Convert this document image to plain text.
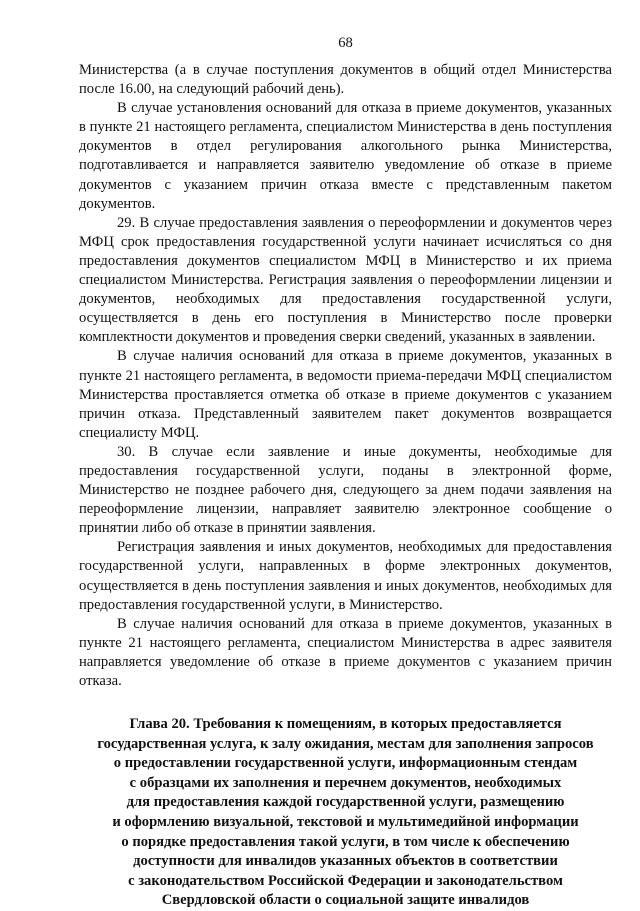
68

Министерства (а в случае поступления документов в общий отдел Министерства после 16.00, на следующий рабочий день).

В случае установления оснований для отказа в приеме документов, указанных в пункте 21 настоящего регламента, специалистом Министерства в день поступления документов в отдел регулирования алкогольного рынка Министерства, подготавливается и направляется заявителю уведомление об отказе в приеме документов с указанием причин отказа вместе с представленным пакетом документов.

29. В случае предоставления заявления о переоформлении и документов через МФЦ срок предоставления государственной услуги начинает исчисляться со дня предоставления документов специалистом МФЦ в Министерство и их приема специалистом Министерства. Регистрация заявления о переоформлении лицензии и документов, необходимых для предоставления государственной услуги, осуществляется в день его поступления в Министерство после проверки комплектности документов и проведения сверки сведений, указанных в заявлении.

В случае наличия оснований для отказа в приеме документов, указанных в пункте 21 настоящего регламента, в ведомости приема-передачи МФЦ специалистом Министерства проставляется отметка об отказе в приеме документов с указанием причин отказа. Представленный заявителем пакет документов возвращается специалисту МФЦ.

30. В случае если заявление и иные документы, необходимые для предоставления государственной услуги, поданы в электронной форме, Министерство не позднее рабочего дня, следующего за днем подачи заявления на переоформление лицензии, направляет заявителю электронное сообщение о принятии либо об отказе в принятии заявления.

Регистрация заявления и иных документов, необходимых для предоставления государственной услуги, направленных в форме электронных документов, осуществляется в день поступления заявления и иных документов, необходимых для предоставления государственной услуги, в Министерство.

В случае наличия оснований для отказа в приеме документов, указанных в пункте 21 настоящего регламента, специалистом Министерства в адрес заявителя направляется уведомление об отказе в приеме документов с указанием причин отказа.

Глава 20. Требования к помещениям, в которых предоставляется
государственная услуга, к залу ожидания, местам для заполнения запросов
о предоставлении государственной услуги, информационным стендам
с образцами их заполнения и перечнем документов, необходимых
для предоставления каждой государственной услуги, размещению
и оформлению визуальной, текстовой и мультимедийной информации
о порядке предоставления такой услуги, в том числе к обеспечению
доступности для инвалидов указанных объектов в соответствии
с законодательством Российской Федерации и законодательством
Свердловской области о социальной защите инвалидов
